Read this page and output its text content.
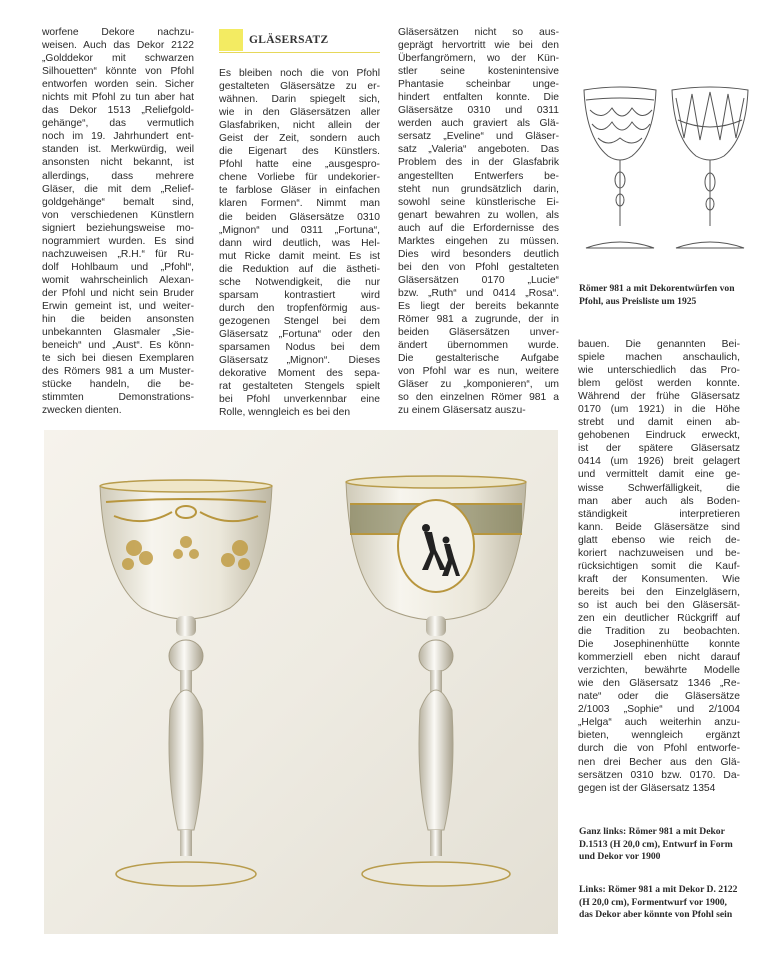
GLÄSERSATZ

worfene Dekore nachzu-

weisen. Auch das Dekor 2122

„Golddekor mit schwarzen

Silhouetten“ könnte von Pfohl

entworfen worden sein. Sicher

nichts mit Pfohl zu tun aber hat

das Dekor 1513 „Reliefgold-

gehänge“, das vermutlich

noch im 19. Jahrhundert ent-

standen ist. Merkwürdig, weil

ansonsten nicht bekannt, ist

allerdings, dass mehrere

Gläser, die mit dem „Relief-

goldgehänge“ bemalt sind,

von verschiedenen Künstlern

signiert beziehungsweise mo-

nogrammiert wurden. Es sind

nachzuweisen „R.H.“ für Ru-

dolf Hohlbaum und „Pfohl“,

womit wahrscheinlich Alexan-

der Pfohl und nicht sein Bruder

Erwin gemeint ist, und weiter-

hin die beiden ansonsten

unbekannten Glasmaler „Sie-

beneich“ und „Aust“. Es könn-

te sich bei diesen Exemplaren

des Römers 981 a um Muster-

stücke handeln, die be-

stimmten Demonstrations-

zwecken dienten.

Es bleiben noch die von Pfohl

gestalteten Gläsersätze zu er-

wähnen. Darin spiegelt sich,

wie in den Gläsersätzen aller

Glasfabriken, nicht allein der

Geist der Zeit, sondern auch

die Eigenart des Künstlers.

Pfohl hatte eine „ausgespro-

chene Vorliebe für undekorier-

te farblose Gläser in einfachen

klaren Formen“. Nimmt man

die beiden Gläsersätze 0310

„Mignon“ und 0311 „Fortuna“,

dann wird deutlich, was Hel-

mut Ricke damit meint. Es ist

die Reduktion auf die ästheti-

sche Notwendigkeit, die nur

sparsam kontrastiert wird

durch den tropfenförmig aus-

gezogenen Stengel bei dem

Gläsersatz „Fortuna“ oder den

sparsamen Nodus bei dem

Gläsersatz „Mignon“. Dieses

dekorative Moment des sepa-

rat gestalteten Stengels spielt

bei Pfohl unverkennbar eine

Rolle, wenngleich es bei den

Gläsersätzen nicht so aus-

geprägt hervortritt wie bei den

Überfangrömern, wo der Kün-

stler seine kostenintensive

Phantasie scheinbar unge-

hindert entfalten konnte. Die

Gläsersätze 0310 und 0311

werden auch graviert als Glä-

sersatz „Eveline“ und Gläser-

satz „Valeria“ angeboten. Das

Problem des in der Glasfabrik

angestellten Entwerfers be-

steht nun grundsätzlich darin,

sowohl seine künstlerische Ei-

genart bewahren zu wollen, als

auch auf die Erfordernisse des

Marktes eingehen zu müssen.

Dies wird besonders deutlich

bei den von Pfohl gestalteten

Gläsersätzen 0170 „Lucie“

bzw. „Ruth“ und 0414 „Rosa“.

Es liegt der bereits bekannte

Römer 981 a zugrunde, der in

beiden Gläsersätzen unver-

ändert übernommen wurde.

Die gestalterische Aufgabe

von Pfohl war es nun, weitere

Gläser zu „komponieren“, um

so den einzelnen Römer 981 a

zu einem Gläsersatz auszu-

bauen. Die genannten Bei-

spiele machen anschaulich,

wie unterschiedlich das Pro-

blem gelöst werden konnte.

Während der frühe Gläsersatz

0170 (um 1921) in die Höhe

strebt und damit einen ab-

gehobenen Eindruck erweckt,

ist der spätere Gläsersatz

0414 (um 1926) breit gelagert

und vermittelt damit eine ge-

wisse Schwerfälligkeit, die

man aber auch als Boden-

ständigkeit interpretieren

kann. Beide Gläsersätze sind

glatt ebenso wie reich de-

koriert nachzuweisen und be-

rücksichtigen somit die Kauf-

kraft der Konsumenten. Wie

bereits bei den Einzelgläsern,

so ist auch bei den Gläsersät-

zen ein deutlicher Rückgriff auf

die Tradition zu beobachten.

Die Josephinenhütte konnte

kommerziell eben nicht darauf

verzichten, bewährte Modelle

wie den Gläsersatz 1346 „Re-

nate“ oder die Gläsersätze

2/1003 „Sophie“ und 2/1004

„Helga“ auch weiterhin anzu-

bieten, wenngleich ergänzt

durch die von Pfohl entworfe-

nen drei Becher aus den Glä-

sersätzen 0310 bzw. 0170. Da-

gegen ist der Gläsersatz 1354

Römer 981 a mit Dekorentwürfen von

Pfohl, aus Preisliste um 1925

Ganz links: Römer 981 a mit Dekor

D.1513 (H 20,0 cm), Entwurf in Form

und Dekor vor 1900

Links: Römer 981 a mit Dekor D. 2122

(H 20,0 cm), Formentwurf vor 1900,

das Dekor aber könnte von Pfohl sein
